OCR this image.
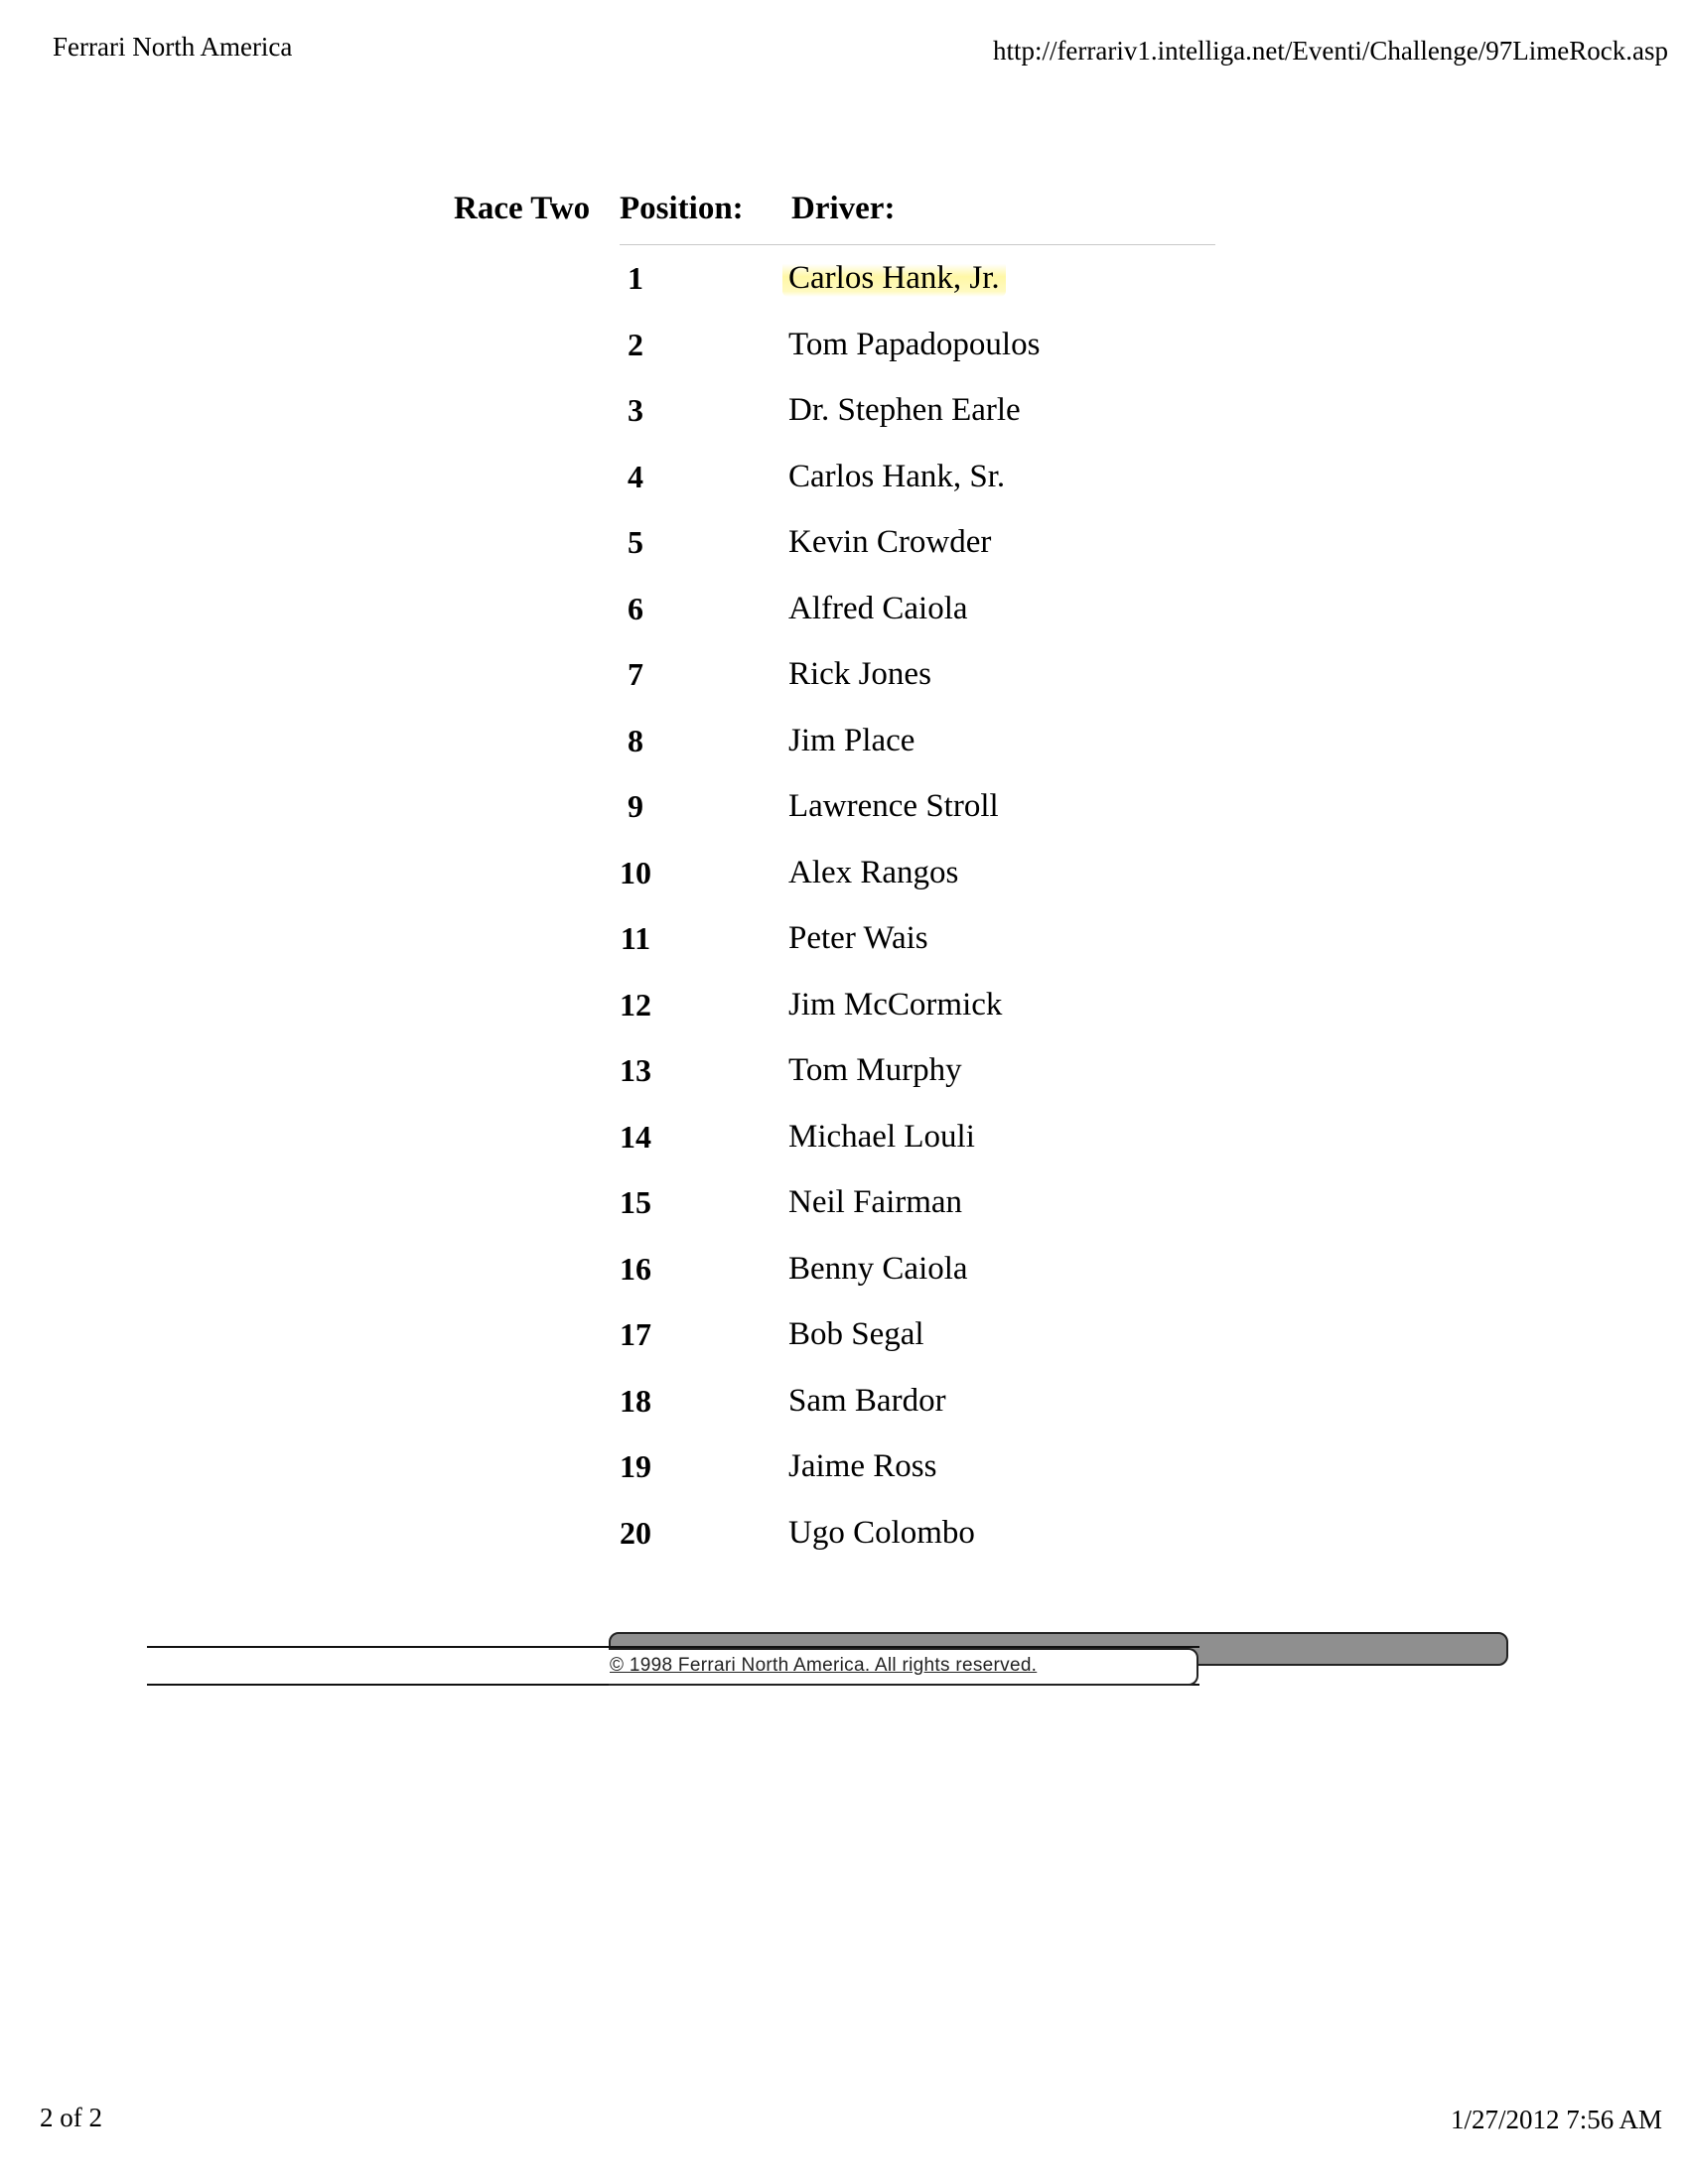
Ferrari North America	http://ferrariv1.intelliga.net/Eventi/Challenge/97LimeRock.asp
Race Two Position: Driver:
1	Carlos Hank, Jr.
2	Tom Papadopoulos
3	Dr. Stephen Earle
4	Carlos Hank, Sr.
5	Kevin Crowder
6	Alfred Caiola
7	Rick Jones
8	Jim Place
9	Lawrence Stroll
10	Alex Rangos
11	Peter Wais
12	Jim McCormick
13	Tom Murphy
14	Michael Louli
15	Neil Fairman
16	Benny Caiola
17	Bob Segal
18	Sam Bardor
19	Jaime Ross
20	Ugo Colombo
© 1998 Ferrari North America. All rights reserved.
2 of 2	1/27/2012 7:56 AM
